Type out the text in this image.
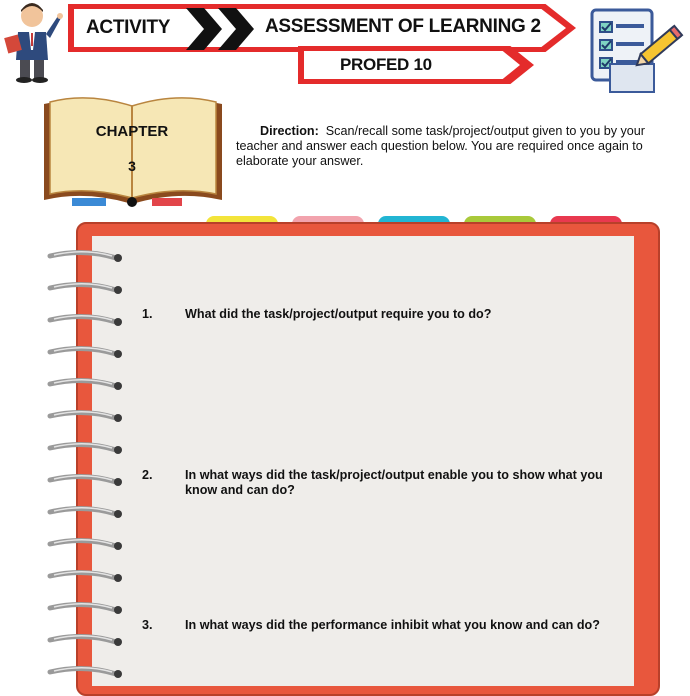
ACTIVITY	ASSESSMENT OF LEARNING 2
PROFED 10
CHAPTER
3
Direction: Scan/recall some task/project/output given to you by your teacher and answer each question below. You are required once again to elaborate your answer.
1.	What did the task/project/output require you to do?
2.	In what ways did the task/project/output enable you to show what you know and can do?
3.	In what ways did the performance inhibit what you know and can do?
